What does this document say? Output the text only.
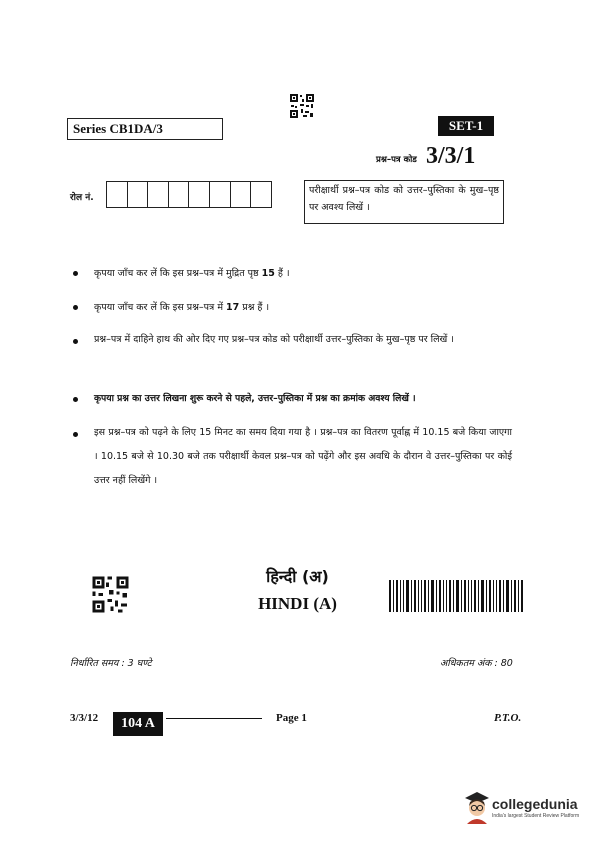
Series CB1DA/3	SET-1
प्रश्न–पत्र कोड 3/3/1
रोल नं.
परीक्षार्थी प्रश्न–पत्र कोड को उत्तर–पुस्तिका के मुख–पृष्ठ पर अवश्य लिखें ।
कृपया जाँच कर लें कि इस प्रश्न–पत्र में मुद्रित पृष्ठ 15 हैं ।
कृपया जाँच कर लें कि इस प्रश्न–पत्र में 17 प्रश्न हैं ।
प्रश्न–पत्र में दाहिने हाथ की ओर दिए गए प्रश्न–पत्र कोड को परीक्षार्थी उत्तर–पुस्तिका के मुख–पृष्ठ पर लिखें ।
कृपया प्रश्न का उत्तर लिखना शुरू करने से पहले, उत्तर–पुस्तिका में प्रश्न का क्रमांक अवश्य लिखें ।
इस प्रश्न–पत्र को पढ़ने के लिए 15 मिनट का समय दिया गया है । प्रश्न–पत्र का वितरण पूर्वाह्न में 10.15 बजे किया जाएगा । 10.15 बजे से 10.30 बजे तक परीक्षार्थी केवल प्रश्न–पत्र को पढ़ेंगे और इस अवधि के दौरान वे उत्तर–पुस्तिका पर कोई उत्तर नहीं लिखेंगे ।
हिन्दी (अ)
HINDI (A)
निर्धारित समय : 3 घण्टे	अधिकतम अंक : 80
3/3/12	104 A	Page 1	P.T.O.
collegedunia
India's largest Student Review Platform
